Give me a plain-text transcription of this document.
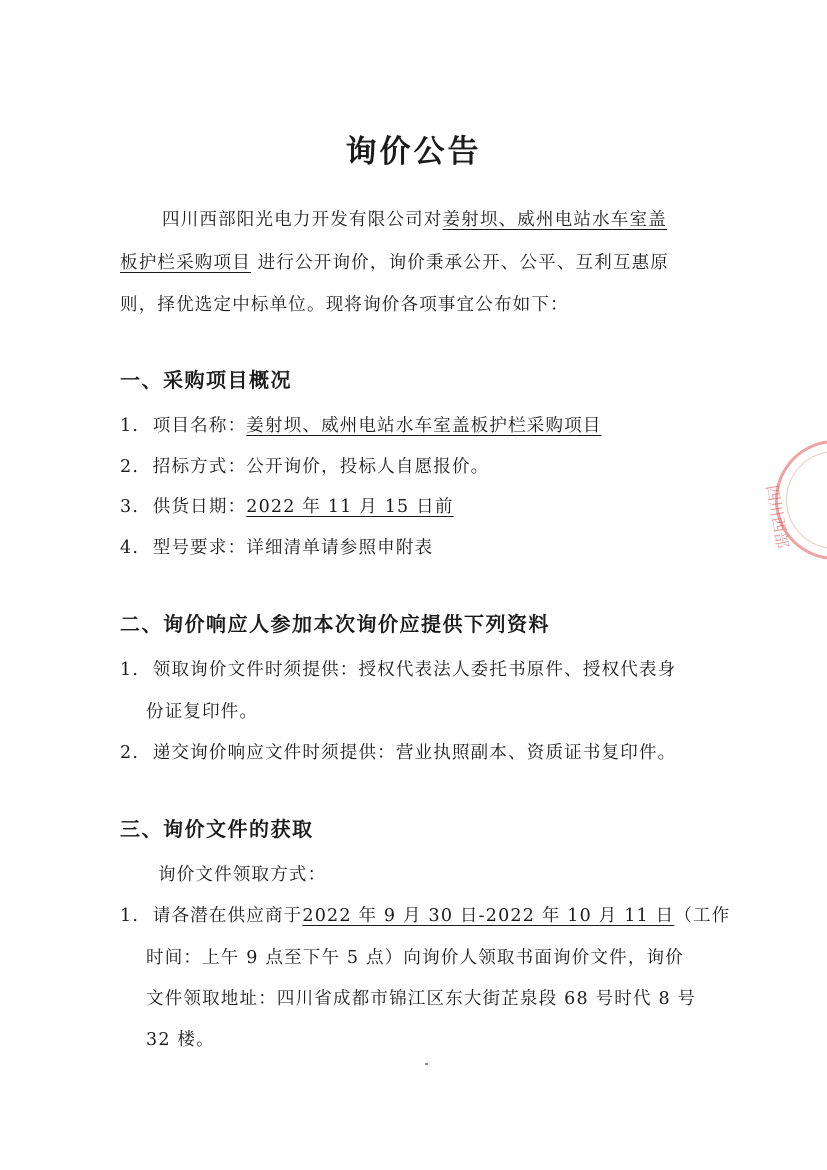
询价公告
四川西部阳光电力开发有限公司对姜射坝、威州电站水车室盖
板护栏采购项目 进行公开询价，询价秉承公开、公平、互利互惠原
则，择优选定中标单位。现将询价各项事宜公布如下：
一、采购项目概况
1. 项目名称：姜射坝、威州电站水车室盖板护栏采购项目
2. 招标方式：公开询价，投标人自愿报价。
3. 供货日期：2022 年 11 月 15 日前
4. 型号要求：详细清单请参照申附表
二、询价响应人参加本次询价应提供下列资料
1. 领取询价文件时须提供：授权代表法人委托书原件、授权代表身
份证复印件。
2. 递交询价响应文件时须提供：营业执照副本、资质证书复印件。
三、询价文件的获取
询价文件领取方式：
1. 请各潜在供应商于2022 年 9 月 30 日-2022 年 10 月 11 日（工作
时间：上午 9 点至下午 5 点）向询价人领取书面询价文件，询价
文件领取地址：四川省成都市锦江区东大街芷泉段 68 号时代 8 号
32 楼。
四川西部
